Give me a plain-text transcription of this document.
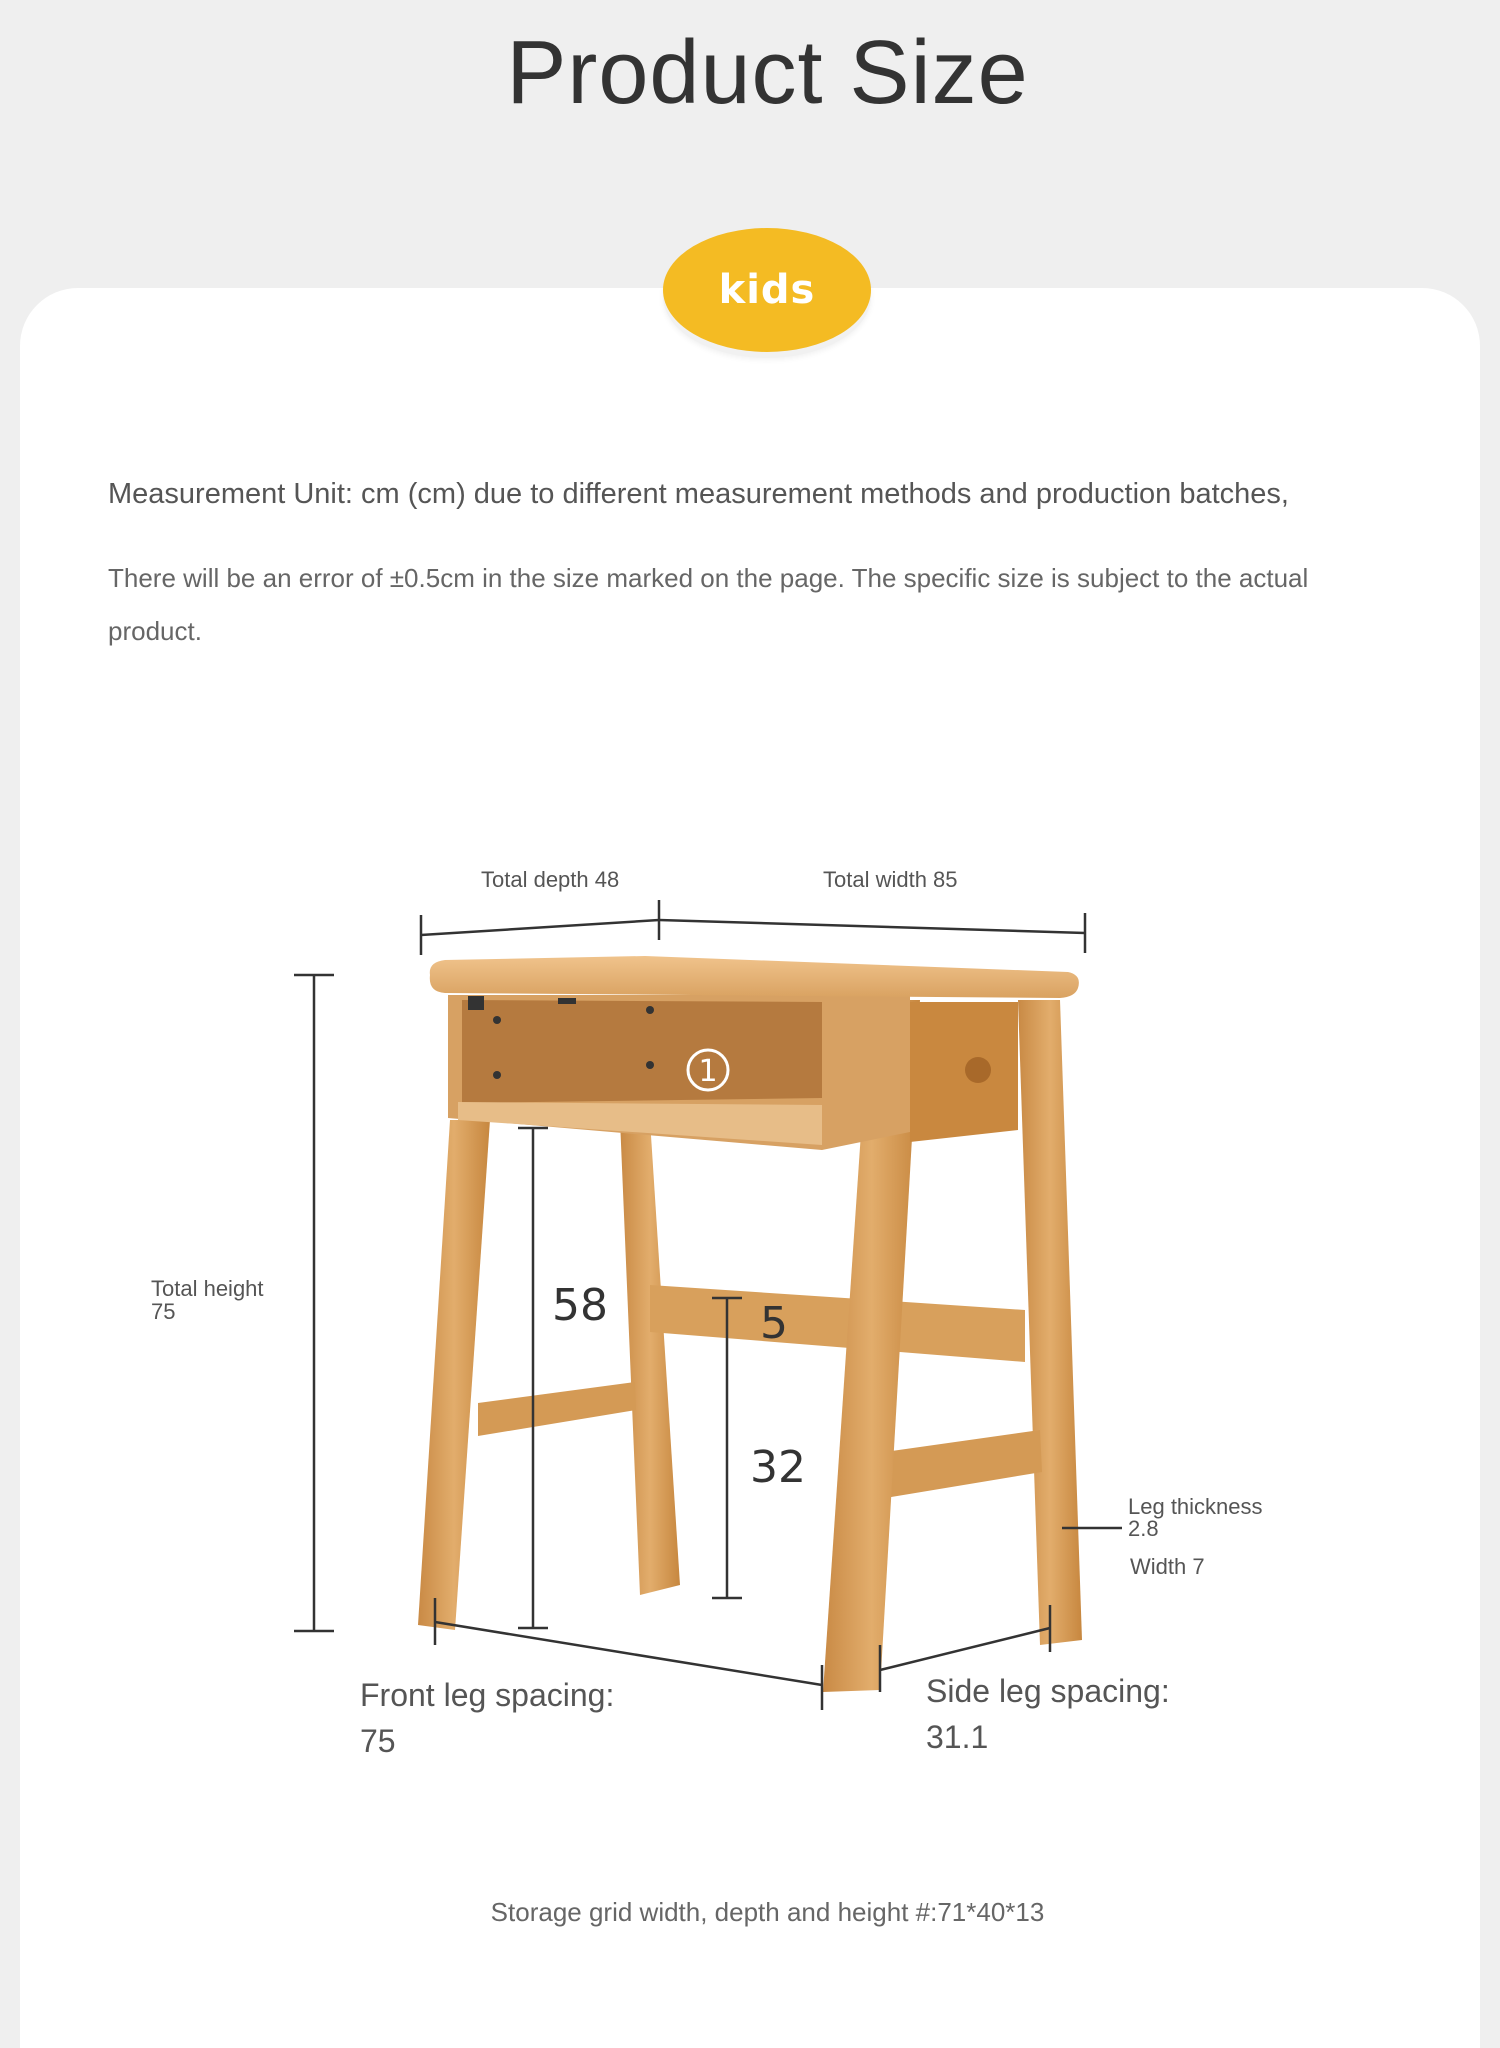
Product Size
kids
Measurement Unit: cm (cm) due to different measurement methods and production batches,
There will be an error of ±0.5cm in the size marked on the page. The specific size is subject to the actual product.
1
58	5
32
Total depth 48	Total width 85
Total height
75
Leg thickness
2.8
Width 7
Front leg spacing:
75
Side leg spacing:
31.1
Storage grid width, depth and height #:71*40*13
